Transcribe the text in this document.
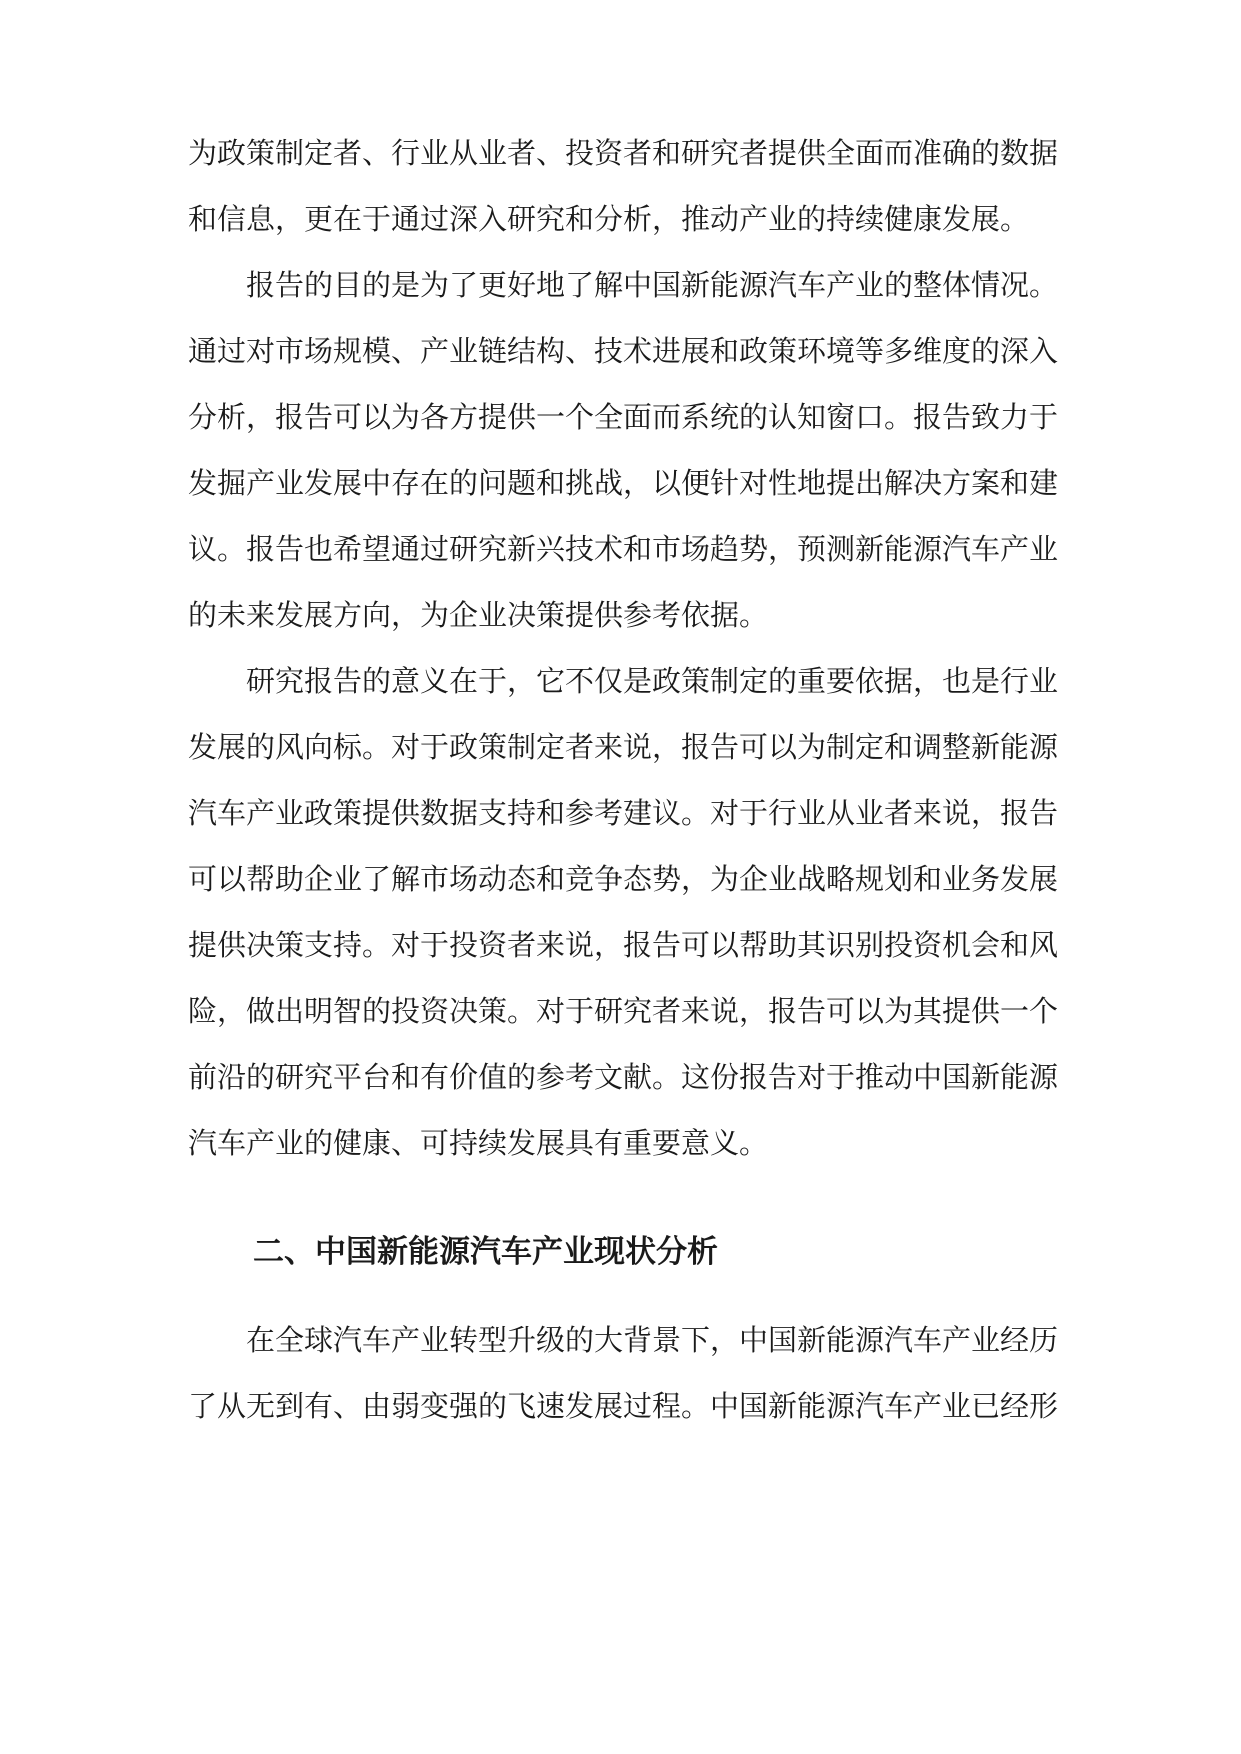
为政策制定者、行业从业者、投资者和研究者提供全面而准确的数据
和信息，更在于通过深入研究和分析，推动产业的持续健康发展。
报告的目的是为了更好地了解中国新能源汽车产业的整体情况。
通过对市场规模、产业链结构、技术进展和政策环境等多维度的深入
分析，报告可以为各方提供一个全面而系统的认知窗口。报告致力于
发掘产业发展中存在的问题和挑战，以便针对性地提出解决方案和建
议。报告也希望通过研究新兴技术和市场趋势，预测新能源汽车产业
的未来发展方向，为企业决策提供参考依据。
研究报告的意义在于，它不仅是政策制定的重要依据，也是行业
发展的风向标。对于政策制定者来说，报告可以为制定和调整新能源
汽车产业政策提供数据支持和参考建议。对于行业从业者来说，报告
可以帮助企业了解市场动态和竞争态势，为企业战略规划和业务发展
提供决策支持。对于投资者来说，报告可以帮助其识别投资机会和风
险，做出明智的投资决策。对于研究者来说，报告可以为其提供一个
前沿的研究平台和有价值的参考文献。这份报告对于推动中国新能源
汽车产业的健康、可持续发展具有重要意义。
二、中国新能源汽车产业现状分析
在全球汽车产业转型升级的大背景下，中国新能源汽车产业经历
了从无到有、由弱变强的飞速发展过程。中国新能源汽车产业已经形
